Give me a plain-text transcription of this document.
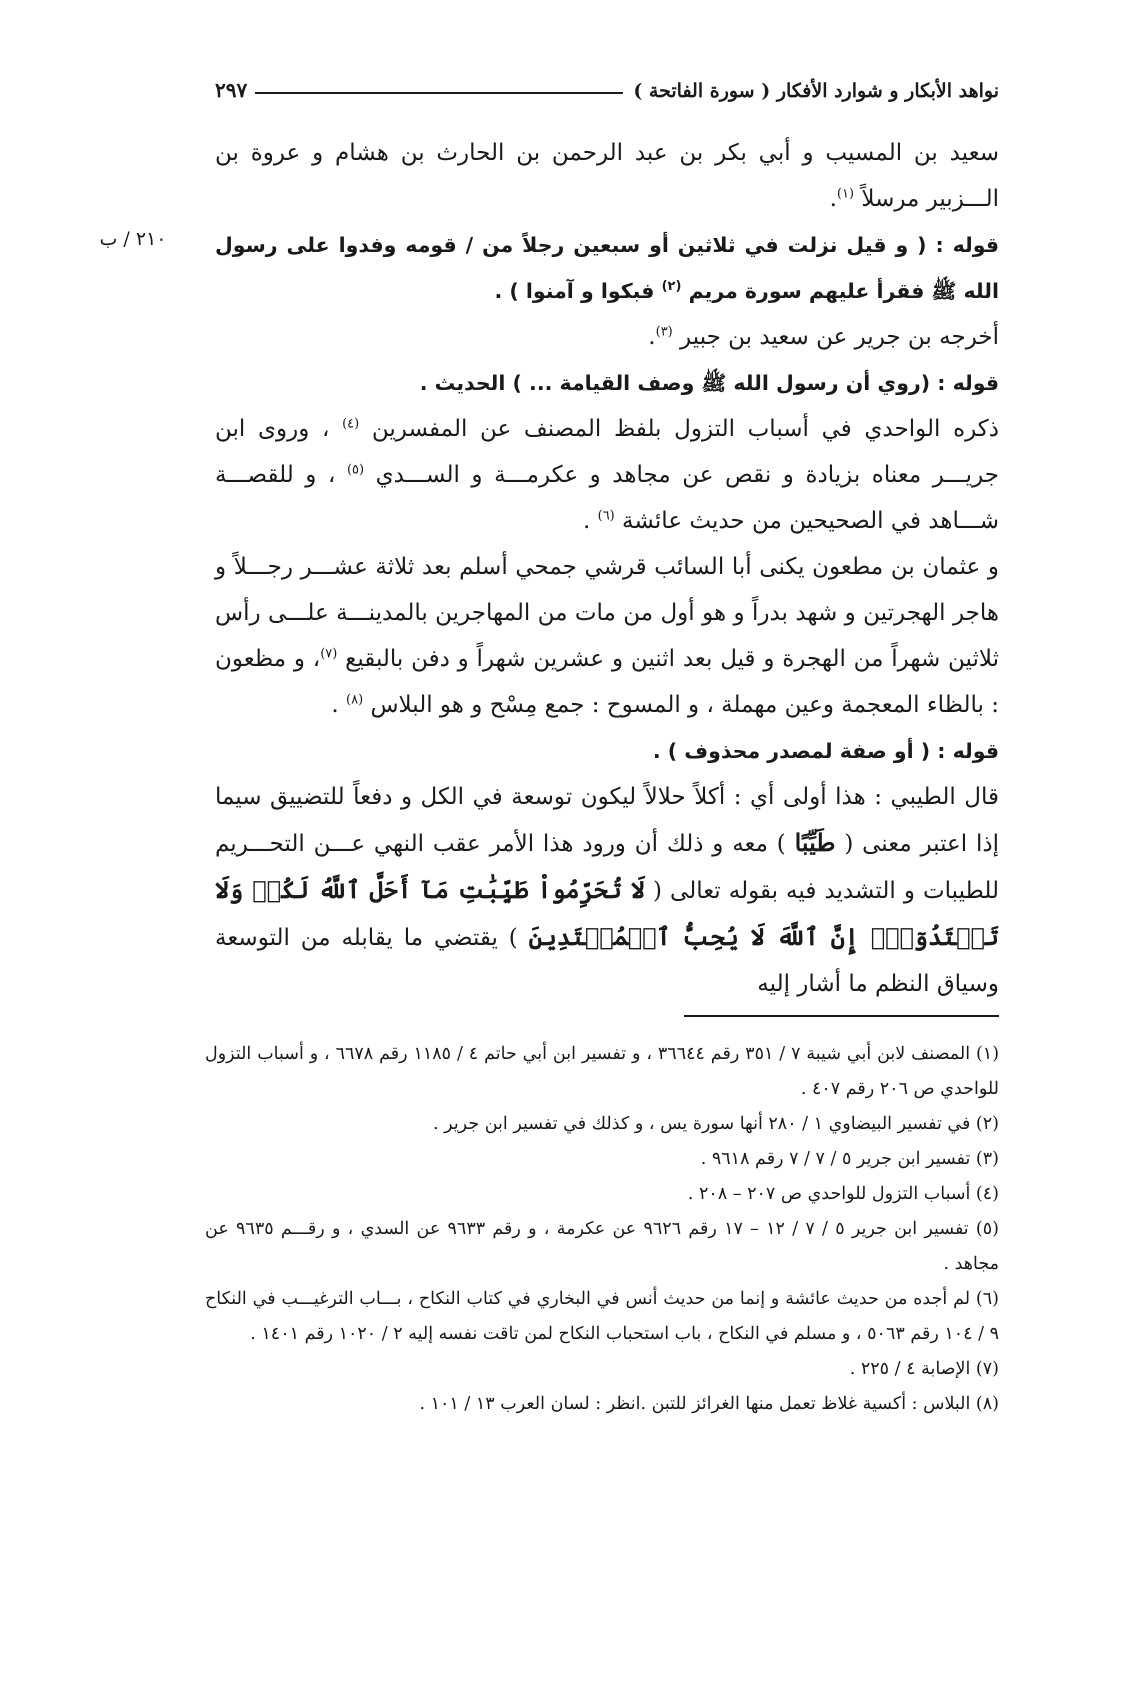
نواهد الأبكار و شوارد الأفكار ( سورة الفاتحة )
٢٩٧
٢١٠ / ب

سعيد بن المسيب و أبي بكر بن عبد الرحمن بن الحارث بن هشام و عروة بن الـــزبير مرسلاً $^{(١)}$.

قوله : ( و قيل نزلت في ثلاثين أو سبعين رجلاً من / قومه وفدوا على رسول الله ﷺ فقرأ عليهم سورة مريم $^{(٢)}$ فبكوا و آمنوا ) .

أخرجه بن جرير عن سعيد بن جبير $^{(٣)}$.

قوله : (روي أن رسول الله ﷺ وصف القيامة ... ) الحديث .

ذكره الواحدي في أسباب التزول بلفظ المصنف عن المفسرين $^{(٤)}$ ، وروى ابن جريـــر معناه بزيادة و نقص عن مجاهد و عكرمـــة و الســـدي $^{(٥)}$ ، و للقصـــة شـــاهد في الصحيحين من حديث عائشة $^{(٦)}$ .

و عثمان بن مطعون يكنى أبا السائب قرشي جمحي أسلم بعد ثلاثة عشـــر رجـــلاً و هاجر الهجرتين و شهد بدراً و هو أول من مات من المهاجرين بالمدينـــة علـــى رأس ثلاثين شهراً من الهجرة و قيل بعد اثنين و عشرين شهراً و دفن بالبقيع $^{(٧)}$، و مظعون : بالظاء المعجمة وعين مهملة ، و المسوح : جمع مِسْح و هو البلاس $^{(٨)}$ .

قوله : ( أو صفة لمصدر محذوف ) .

قال الطيبي : هذا أولى أي : أكلاً حلالاً ليكون توسعة في الكل و دفعاً للتضييق سيما إذا اعتبر معنى ( طَيِّبًا ) معه و ذلك أن ورود هذا الأمر عقب النهي عـــن التحـــريم للطيبات و التشديد فيه بقوله تعالى ( لَا تُحَرِّمُواْ طَيِّبَٰتِ مَآ أَحَلَّ ٱللَّهُ لَكُمۡ وَلَا تَعۡتَدُوٓاْۚ إِنَّ ٱللَّهَ لَا يُحِبُّ ٱلۡمُعۡتَدِينَ ) يقتضي ما يقابله من التوسعة وسياق النظم ما أشار إليه

(١) المصنف لابن أبي شيبة ٧ / ٣٥١ رقم ٣٦٦٤٤ ، و تفسير ابن أبي حاتم ٤ / ١١٨٥ رقم ٦٦٧٨ ، و أسباب التزول للواحدي ص ٢٠٦ رقم ٤٠٧ .

(٢) في تفسير البيضاوي ١ / ٢٨٠ أنها سورة يس ، و كذلك في تفسير ابن جرير .

(٣) تفسير ابن جرير ٥ / ٧ / ٧ رقم ٩٦١٨ .

(٤) أسباب التزول للواحدي ص ٢٠٧ – ٢٠٨ .

(٥) تفسير ابن جرير ٥ / ٧ / ١٢ – ١٧ رقم ٩٦٢٦ عن عكرمة ، و رقم ٩٦٣٣ عن السدي ، و رقـــم ٩٦٣٥ عن مجاهد .

(٦) لم أجده من حديث عائشة و إنما من حديث أنس في البخاري في كتاب النكاح ، بـــاب الترغيـــب في النكاح ٩ / ١٠٤ رقم ٥٠٦٣ ، و مسلم في النكاح ، باب استحباب النكاح لمن تاقت نفسه إليه ٢ / ١٠٢٠ رقم ١٤٠١ .

(٧) الإصابة ٤ / ٢٢٥ .

(٨) البلاس : أكسية غلاظ تعمل منها الغرائز للتبن .انظر : لسان العرب ١٣ / ١٠١ .
